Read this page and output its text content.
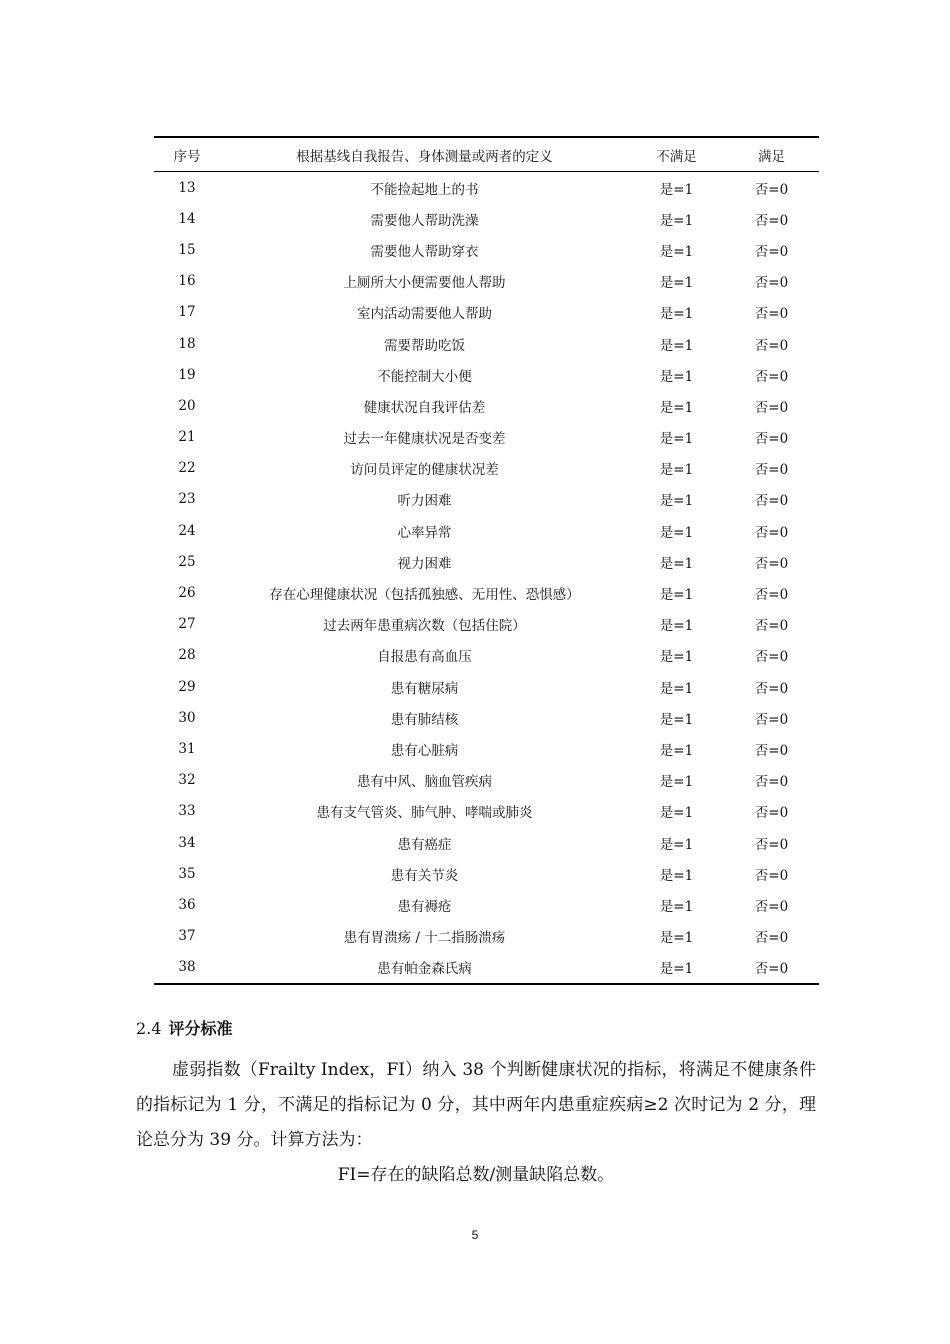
序号	根据基线自我报告、身体测量或两者的定义	不满足	满足
13	不能捡起地上的书	是=1	否=0
14	需要他人帮助洗澡	是=1	否=0
15	需要他人帮助穿衣	是=1	否=0
16	上厕所大小便需要他人帮助	是=1	否=0
17	室内活动需要他人帮助	是=1	否=0
18	需要帮助吃饭	是=1	否=0
19	不能控制大小便	是=1	否=0
20	健康状况自我评估差	是=1	否=0
21	过去一年健康状况是否变差	是=1	否=0
22	访问员评定的健康状况差	是=1	否=0
23	听力困难	是=1	否=0
24	心率异常	是=1	否=0
25	视力困难	是=1	否=0
26	存在心理健康状况（包括孤独感、无用性、恐惧感）	是=1	否=0
27	过去两年患重病次数（包括住院）	是=1	否=0
28	自报患有高血压	是=1	否=0
29	患有糖尿病	是=1	否=0
30	患有肺结核	是=1	否=0
31	患有心脏病	是=1	否=0
32	患有中风、脑血管疾病	是=1	否=0
33	患有支气管炎、肺气肿、哮喘或肺炎	是=1	否=0
34	患有癌症	是=1	否=0
35	患有关节炎	是=1	否=0
36	患有褥疮	是=1	否=0
37	患有胃溃疡 / 十二指肠溃疡	是=1	否=0
38	患有帕金森氏病	是=1	否=0
2.4 评分标准

虚弱指数（Frailty Index，FI）纳入 38 个判断健康状况的指标，将满足不健康条件的指标记为 1 分，不满足的指标记为 0 分，其中两年内患重症疾病≥2 次时记为 2 分，理论总分为 39 分。计算方法为：

FI=存在的缺陷总数/测量缺陷总数。

5
